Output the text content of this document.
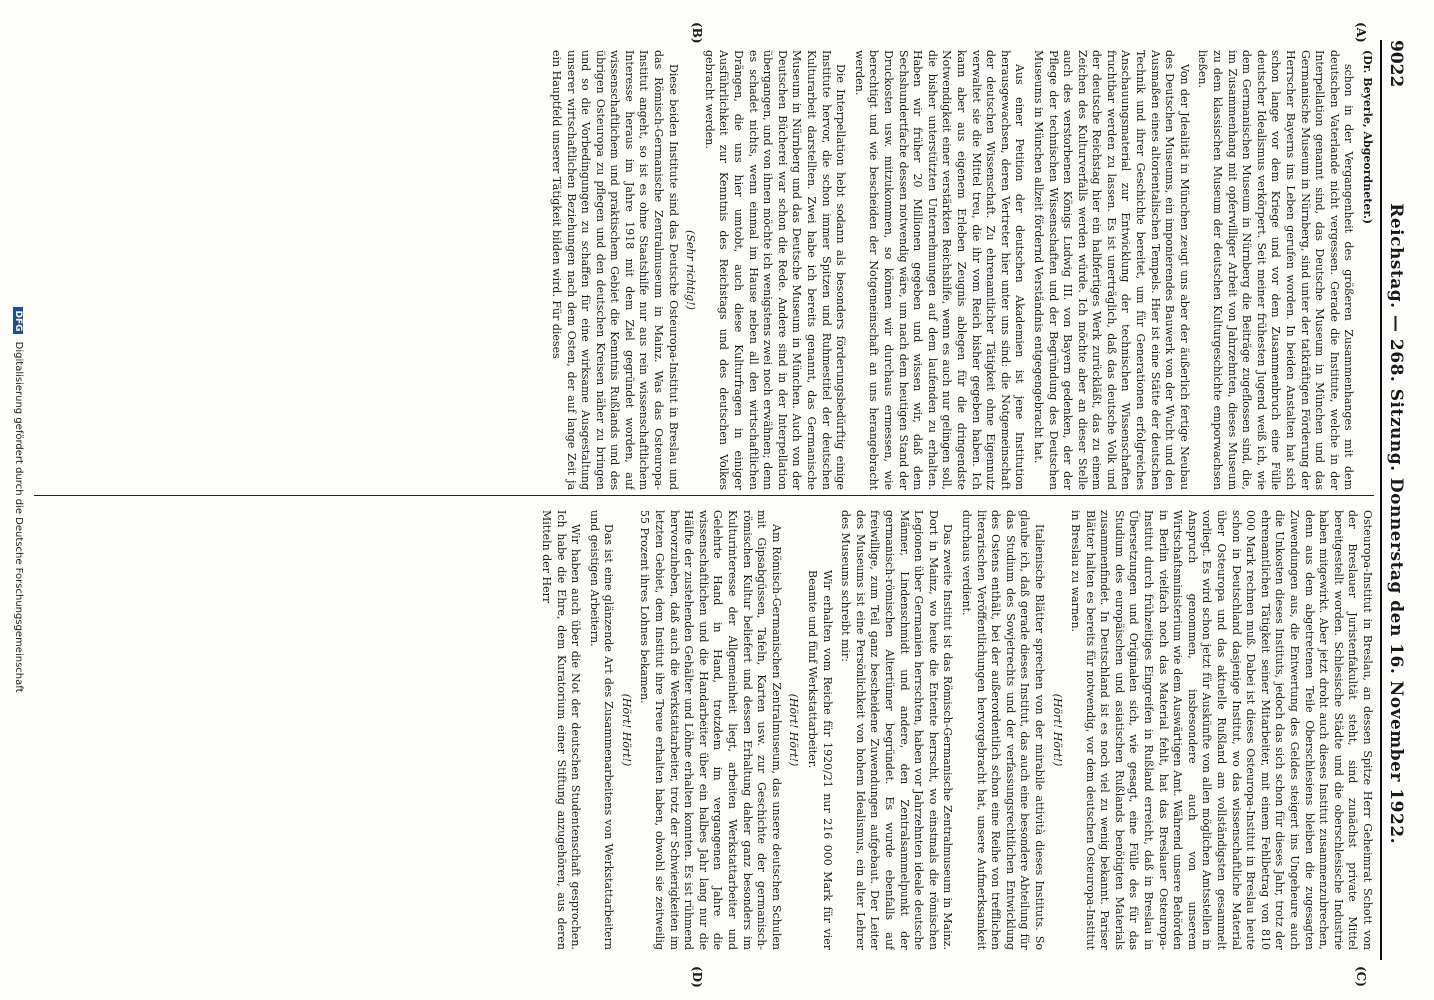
9022
Reichstag. — 268. Sitzung. Donnerstag den 16. November 1922.
(A)
(B)
(C)
(D)

(Dr. Beyerle, Abgeordneter.)

schon in der Vergangenheit des größeren Zusammenhanges mit dem deutschen Vaterlande nicht vergessen. Gerade die Institute, welche in der Interpellation genannt sind, das Deutsche Museum in München und das Germanische Museum in Nürnberg, sind unter der tatkräftigen Förderung der Herrscher Bayerns ins Leben gerufen worden. In beiden Anstalten hat sich schon lange vor dem Kriege und vor dem Zusammenbruch eine Fülle deutscher Idealismus verkörpert. Seit meiner frühesten Jugend weiß ich, wie dem Germanischen Museum in Nürnberg die Beiträge zugeflossen sind, die, im Zusammenhang mit opferwilliger Arbeit von Jahrzehnten, dieses Museum zu dem klassischen Museum der deutschen Kulturgeschichte emporwachsen ließen.

Von der Jdealität in München zeugt uns aber der äußerlich fertige Neubau des Deutschen Museums, ein imponierendes Bauwerk von der Wucht und den Ausmaßen eines altorientalischen Tempels. Hier ist eine Stätte der deutschen Technik und ihrer Geschichte bereitet, um für Generationen erfolgreiches Anschauungsmaterial zur Entwicklung der technischen Wissenschaften fruchtbar werden zu lassen. Es ist unerträglich, daß das deutsche Volk und der deutsche Reichstag hier ein halbfertiges Werk zurückläßt, das zu einem Zeichen des Kulturverfalls werden würde. Ich möchte aber an dieser Stelle auch des verstorbenen Königs Ludwig III. von Bayern gedenken, der der Pflege der technischen Wissenschaften und der Begründung des Deutschen Museums in München allzeit fördernd Verständnis entgegengebracht hat.

Aus einer Petition der deutschen Akademien ist jene Institution herausgewachsen, deren Vertreter hier unter uns sind: die Notgemeinschaft der deutschen Wissenschaft. Zu ehrenamtlicher Tätigkeit ohne Eigennutz verwaltet sie die Mittel treu, die ihr vom Reich bisher gegeben haben. Ich kann aber aus eigenem Erleben Zeugnis ablegen für die dringendste Notwendigkeit einer verstärkten Reichshilfe, wenn es auch nur gelingen soll, die bisher unterstützten Unternehmungen auf dem laufenden zu erhalten. Haben wir früher 20 Millionen gegeben und wissen wir, daß dem Sechshundertfache dessen notwendig wäre, um nach dem heutigen Stand der Druckosten usw. mitzukommen, so können wir durchaus ermessen, wie berechtigt und wie bescheiden der Notgemeinschaft an uns herangebracht werden.

Die Interpellation hebt sodann als besonders förderungsbedürftig einige Institute hervor, die schon immer Spitzen und Ruhmestitel der deutschen Kulturarbeit darstellten. Zwei habe ich bereits genannt, das Germanische Museum in Nürnberg und das Deutsche Museum in München. Auch von der Deutschen Bücherei war schon die Rede. Andere sind in der Interpellation übergangen, und von ihnen möchte ich wenigstens zwei noch erwähnen; denn es schadet nichts, wenn einmal im Hause neben all den wirtschaftlichen Drängen, die uns hier umtobt, auch diese Kulturfragen in einiger Ausführlichkeit zur Kenntnis des Reichstags und des deutschen Volkes gebracht werden.

(Sehr richtig!)

Diese beiden Institute sind das Deutsche Osteuropa-Institut in Breslau und das Römisch-Germanische Zentralmuseum in Mainz. Was das Osteuropa-Institut angeht, so ist es ohne Staatshilfe nur aus rein wissenschaftlichem Interesse heraus im Jahre 1918 mit dem Ziel gegründet worden, auf wissenschaftlichem und praktischem Gebiet die Kenntnis Rußlands und des übrigen Osteuropa zu pflegen und den deutschen Kreisen näher zu bringen und so die Vorbedingungen zu schaffen für eine wirksame Ausgestaltung unserer wirtschaftlichen Beziehungen nach dem Osten, der auf lange Zeit ja ein Hauptfeld unserer Tätigkeit bilden wird. Für dieses

Osteuropa-Institut in Breslau, an dessen Spitze Herr Geheimrat Schott von der Breslauer Juristenfakultät steht, sind zunächst private Mittel bereitgestellt worden. Schlesische Städte und die oberschlesische Industrie haben mitgewirkt. Aber jetzt droht auch dieses Institut zusammenzubrechen, denn aus dem abgetretenen Teile Oberschlesiens bleiben die zugesagten Zuwendungen aus, die Entwertung des Geldes steigert ins Ungeheure auch die Unkosten dieses Instituts, jedoch das sich schon für dieses Jahr, trotz der ehrenamtlichen Tätigkeit seiner Mitarbeiter, mit einem Fehlbetrag von 810 000 Mark rechnen muß. Dabei ist dieses Osteuropa-Institut in Breslau heute schon in Deutschland dasjenige Institut, wo das wissenschaftliche Material über Osteuropa und das aktuelle Rußland am vollständigsten gesammelt vorliegt. Es wird schon jetzt für Auskünfte von allen möglichen Amtsstellen in Anspruch genommen, insbesondere auch von unserem Wirtschaftsministerium wie dem Auswärtigen Amt. Während unsere Behörden in Berlin vielfach noch das Material fehlt, hat das Breslauer Osteuropa-Institut durch frühzeitiges Eingreifen in Rußland erreicht, daß in Breslau in Übersetzungen und Originalen sich, wie gesagt, eine Fülle des für das Studium des europäischen und asiatischen Rußlands benötigten Materials zusammenfindet. In Deutschland ist es noch viel zu wenig bekannt. Pariser Blätter halten es bereits für notwendig, vor dem deutschen Osteuropa-Institut in Breslau zu warnen.

(Hört! Hört!)

Italienische Blätter sprechen von der mirabile attività dieses Instituts. So glaube ich, daß gerade dieses Institut, das auch eine besondere Abteilung für das Studium des Sowjetrechts und der verfassungsrechtlichen Entwicklung des Ostens enthält, bei der außerordentlich schon eine Reihe von trefflichen literarischen Veröffentlichungen hervorgebracht hat, unsere Aufmerksamkeit durchaus verdient.

Das zweite Institut ist das Römisch-Germanische Zentralmuseum in Mainz. Dort in Mainz, wo heute die Entente herrscht, wo einstmals die römischen Legionen über Germanien herrschten, haben vor Jahrzehnten ideale deutsche Männer, Lindenschmidt und andere, den Zentralsammelpunkt der germanisch-römischen Altertümer begründet. Es wurde ebenfalls auf freiwillige, zum Teil ganz bescheidene Zuwendungen aufgebaut. Der Leiter des Museums ist eine Persönlichkeit von hohem Idealismus, ein alter Lehrer des Museums schreibt mir:

Wir erhalten vom Reiche für 1920/21 nur 216 000 Mark für vier Beamte und fünf Werkstattarbeiter.

(Hört! Hört!)

Am Römisch-Germanischen Zentralmuseum, das unsere deutschen Schulen mit Gipsabgüssen, Tafeln, Karten usw. zur Geschichte der germanisch-römischen Kultur beliefert und dessen Erhaltung daher ganz besonders im Kulturinteresse der Allgemeinheit liegt, arbeiten Werkstattarbeiter und Gelehrte Hand in Hand, trotzdem im vergangenen Jahre die wissenschaftlichen und die Handarbeiter über ein halbes Jahr lang nur die Hälfte der zustehenden Gehälter und Löhne erhalten konnten. Es ist rühmend hervorzuheben, daß auch die Werkstattarbeiter, trotz der Schwierigkeiten im letzten Gebiet, dem Institut ihre Treue erhalten haben, obwohl sie zeitweilig 55 Prozent ihres Lohnes bekamen.

(Hört! Hört!)

Das ist eine glänzende Art des Zusammenarbeitens von Werkstattarbeitern und geistigen Arbeitern.

Wir haben auch über die Not der deutschen Studentenschaft gesprochen. Ich habe die Ehre, dem Kuratorium einer Stiftung anzugehören, aus deren Mitteln der Herr

DFG Digitalisierung gefördert durch die Deutsche Forschungsgemeinschaft
